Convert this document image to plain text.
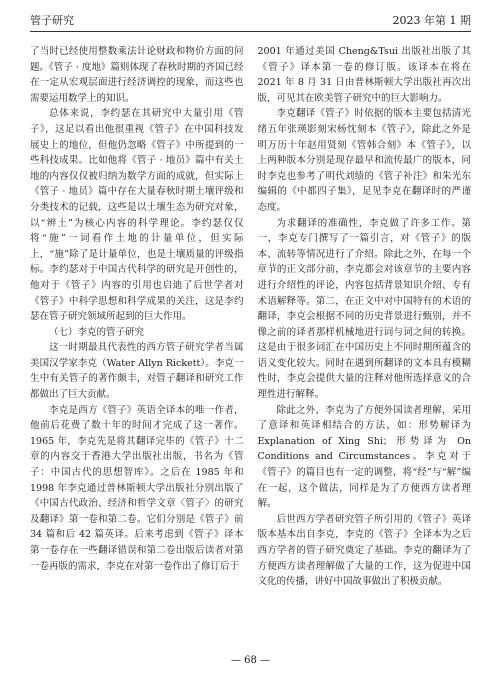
管子研究	2023 年第 1 期

了当时已经使用整数乘法计论财政和物价方面的问题。《管子 · 度地》篇则体现了春秋时期的齐国已经在一定从宏观层面进行经济调控的现象，而这些也需要运用数学上的知识。

总体来说，李约瑟在其研究中大量引用《管子》，这足以看出他很重视《管子》在中国科技发展史上的地位，但他仍忽略《管子》中所提到的一些科技成果。比如他将《管子 · 地员》篇中有关土地的内容仅仅被归纳为数学方面的成就，但实际上《管子 · 地员》篇中存在大量春秋时期土壤评级和分类技术的记载，这些是以土壤生态为研究对象，以“辨土”为核心内容的科学理论。李约瑟仅仅将“施”一词看作土地的计量单位，但实际上，“施”除了是计量单位，也是土壤质量的评级指标。李约瑟对于中国古代科学的研究是开创性的，他对于《管子》内容的引用也启迪了后世学者对《管子》中科学思想和科学成果的关注，这是李约瑟在管子研究领域所起到的巨大作用。

（七）李克的管子研究

这一时期最具代表性的西方管子研究学者当属美国汉学家李克（Water Allyn Rickett）。李克一生中有关管子的著作颇丰，对管子翻译和研究工作都做出了巨大贡献。

李克是西方《管子》英语全译本的唯一作者，他前后花费了数十年的时间才完成了这一著作。1965 年，李克先是将其翻译完毕的《管子》十二章的内容交于香港大学出版社出版，书名为《管子：中国古代的思想智库》。之后在 1985 年和 1998 年李克通过普林斯顿大学出版社分别出版了《中国古代政治、经济和哲学文章〈管子〉的研究及翻译》第一卷和第二卷。它们分别是《管子》前 34 篇和后 42 篇英译。后来考虑到《管子》译本第一卷存在一些翻译错误和第二卷出版后读者对第一卷再版的需求，李克在对第一卷作出了修订后于

2001 年通过美国 Cheng&Tsui 出版社出版了其《管子》译本第一卷的修订版。该译本在将在 2021 年 8 月 31 日由普林斯顿大学出版社再次出版，可见其在欧美管子研究中的巨大影响力。

李克翻译《管子》时依据的版本主要包括清光绪五年张瑛影刻宋杨忱刻本《管子》，除此之外是明万历十年赵用贤刻《管韩合刻》本《管子》，以上两种版本分别是现存最早和流传最广的版本，同时李克也参考了明代刘绩的《管子补注》和朱光东编辑的《中都四子集》，足见李克在翻译时的严谨态度。

为求翻译的准确性，李克做了许多工作。第一，李克专门撰写了一篇引言，对《管子》的版本、流转等情况进行了介绍。除此之外，在每一个章节的正文部分前，李克都会对该章节的主要内容进行介绍性的评论，内容包括背景知识介绍、专有术语解释等。第二，在正文中对中国特有的术语的翻译，李克会根据不同的历史背景进行甄别，并不像之前的译者那样机械地进行词与词之间的转换。这是由于很多词汇在中国历史上不同时期所蕴含的语义变化较大。同时在遇到所翻译的文本具有模糊性时，李克会提供大量的注释对他所选择意义的合理性进行解释。

除此之外，李克为了方便外国读者理解，采用了意译和英译相结合的方法，如：形势解译为 Explanation of Xing Shi；形势译为 On Conditions and Circumstances。李克对于《管子》的篇目也有一定的调整，将“经”与“解”编在一起，这个做法，同样是为了方便西方读者理解。

后世西方学者研究管子所引用的《管子》英译版本基本出自李克，李克的《管子》全译本为之后西方学者的管子研究奠定了基础。李克的翻译为了方便西方读者理解做了大量的工作，这为促进中国文化的传播，讲好中国故事做出了积极贡献。

— 68 —
